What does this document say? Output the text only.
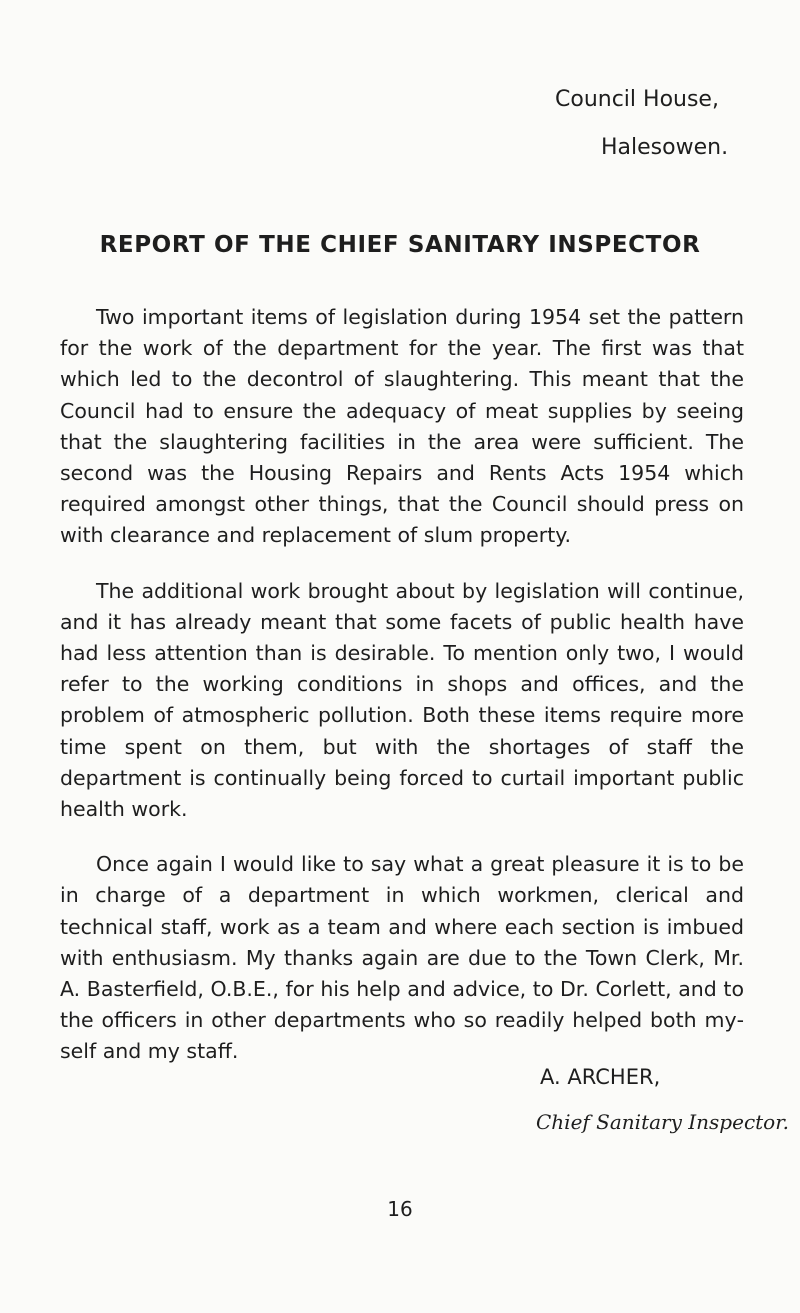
Council House,
Halesowen.
REPORT OF THE CHIEF SANITARY INSPECTOR

Two important items of legislation during 1954 set the pattern for the work of the department for the year. The first was that which led to the decontrol of slaughtering. This meant that the Council had to ensure the adequacy of meat supplies by seeing that the slaughtering facilities in the area were sufficient. The second was the Housing Repairs and Rents Acts 1954 which required amongst other things, that the Council should press on with clearance and replacement of slum property.

The additional work brought about by legislation will continue, and it has already meant that some facets of public health have had less attention than is desirable. To mention only two, I would refer to the working conditions in shops and offices, and the problem of atmospheric pollution. Both these items require more time spent on them, but with the shortages of staff the department is continually being forced to curtail important public health work.

Once again I would like to say what a great pleasure it is to be in charge of a department in which workmen, clerical and technical staff, work as a team and where each section is imbued with enthusiasm. My thanks again are due to the Town Clerk, Mr. A. Basterfield, O.B.E., for his help and advice, to Dr. Corlett, and to the officers in other departments who so readily helped both myself and my staff.

A. ARCHER,
Chief Sanitary Inspector.
16
